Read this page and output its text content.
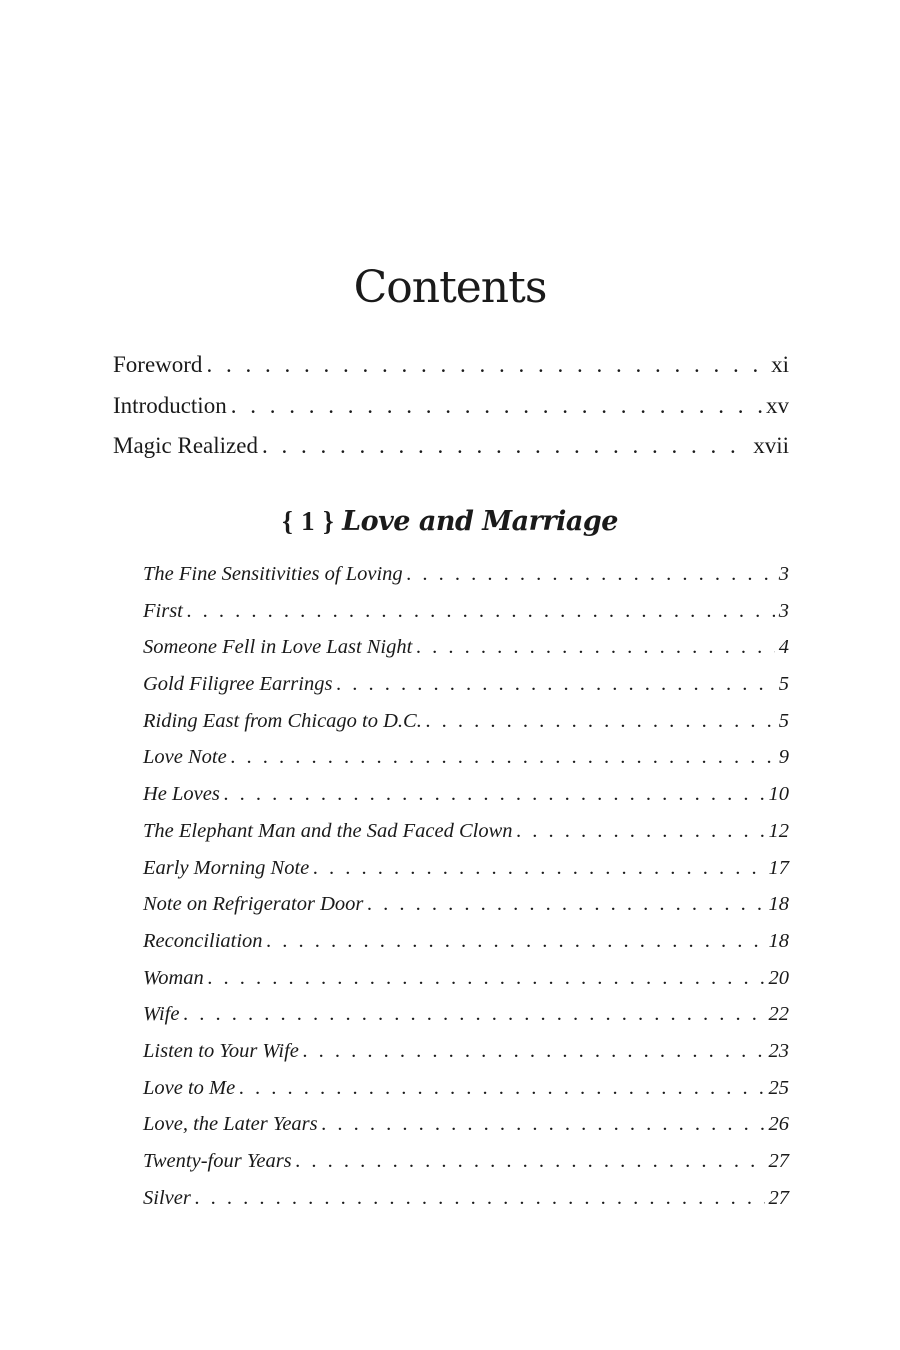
Contents
Foreword . . .	xi
Introduction . . .	xv
Magic Realized . . .	xvii
{ 1 } Love and Marriage
The Fine Sensitivities of Loving . . .	3
First . . .	3
Someone Fell in Love Last Night . . .	4
Gold Filigree Earrings . . .	5
Riding East from Chicago to D.C. . . .	5
Love Note . . .	9
He Loves . . .	10
The Elephant Man and the Sad Faced Clown . . .	12
Early Morning Note . . .	17
Note on Refrigerator Door . . .	18
Reconciliation . . .	18
Woman . . .	20
Wife . . .	22
Listen to Your Wife . . .	23
Love to Me . . .	25
Love, the Later Years . . .	26
Twenty-four Years . . .	27
Silver . . .	27
